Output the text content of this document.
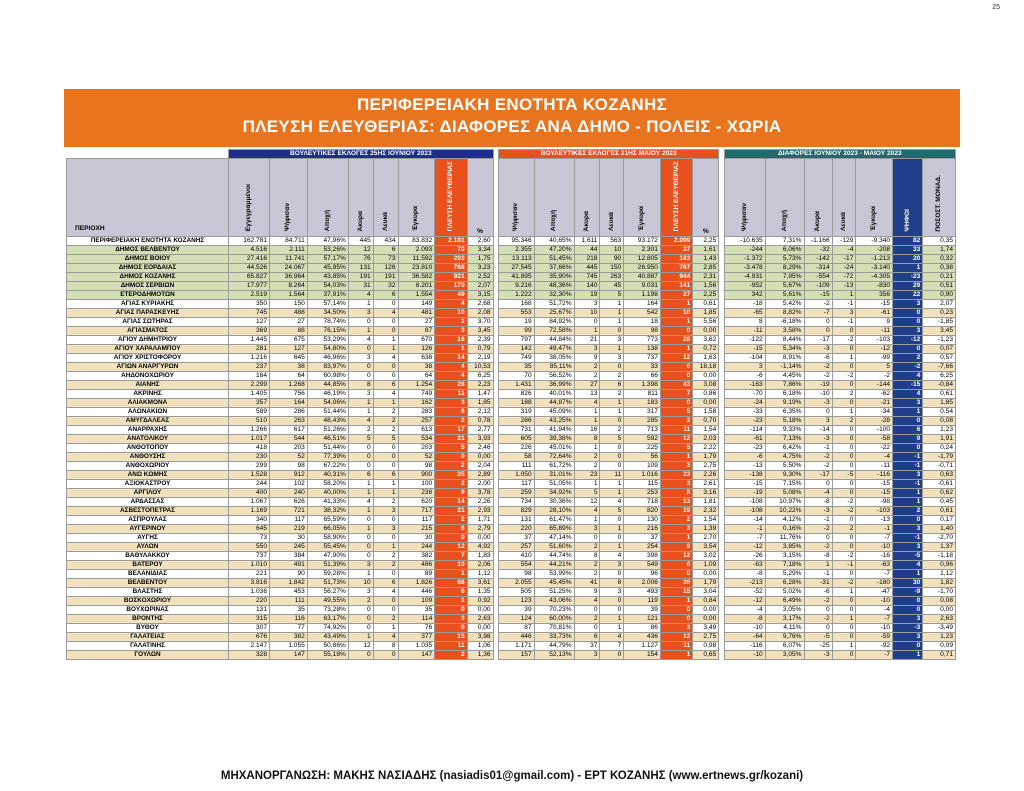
25
ΠΕΡΙΦΕΡΕΙΑΚΗ ΕΝΟΤΗΤΑ ΚΟΖΑΝΗΣ
ΠΛΕΥΣΗ ΕΛΕΥΘΕΡΙΑΣ: ΔΙΑΦΟΡΕΣ ΑΝΑ ΔΗΜΟ - ΠΟΛΕΙΣ - ΧΩΡΙΑ
	ΒΟΥΛΕΥΤΙΚΕΣ ΕΚΛΟΓΕΣ 25ΗΣ ΙΟΥΝΙΟΥ 2023									ΒΟΥΛΕΥΤΙΚΕΣ ΕΚΛΟΓΕΣ 21ΗΣ ΜΑΪΟΥ 2023								ΔΙΑΦΟΡΕΣ ΙΟΥΝΙΟΥ 2023 - ΜΑΪΟΥ 2023						
ΠΕΡΙΟΧΗ	Εγγεγραμμένοι	Ψήφισαν	Αποχή	Άκυρα	Λευκά	Έγκυρα	ΠΛΕΥΣΗ ΕΛΕΥΘΕΡΙΑΣ	%		Ψήφισαν	Αποχή	Άκυρα	Λευκά	Έγκυρα	ΠΛΕΥΣΗ ΕΛΕΥΘΕΡΙΑΣ	%		Ψήφισαν	Αποχή	Άκυρα	Λευκά	Έγκυρα	ΨΗΦΟΙ	ΠΟΣΟΣΤ. ΜΟΝΑΔ.
ΠΕΡΙΦΕΡΕΙΑΚΗ ΕΝΟΤΗΤΑ ΚΟΖΑΝΗΣ	162.781	84.711	47,96%	445	434	83.832	2.181	2,60		95.346	40,65%	1.611	563	93.172	2.099	2,25		-10.635	7,31%	-1.166	-129	-9.340	82	0,35
ΔΗΜΟΣ ΒΕΛΒΕΝΤΟΥ	4.516	2.111	53,26%	12	6	2.093	70	3,34		2.355	47,20%	44	10	2.301	37	1,61		-244	6,06%	-32	-4	-208	33	1,74
ΔΗΜΟΣ ΒΟΪΟΥ	27.416	11.741	57,17%	76	73	11.592	203	1,75		13.113	51,45%	218	90	12.805	183	1,43		-1.372	5,73%	-142	-17	-1.213	20	0,32
ΔΗΜΟΣ ΕΟΡΔΑΙΑΣ	44.526	24.067	45,95%	131	126	23.810	768	3,23		27.545	37,66%	445	150	26.950	767	2,85		-3.478	8,29%	-314	-24	-3.140	1	0,38
ΔΗΜΟΣ ΚΟΖΑΝΗΣ	65.827	36.964	43,85%	191	191	36.582	921	2,52		41.895	35,90%	745	263	40.887	944	2,31		-4.931	7,95%	-554	-72	-4.305	-23	0,21
ΔΗΜΟΣ ΣΕΡΒΙΩΝ	17.977	8.264	54,03%	31	32	8.201	170	2,07		9.216	48,36%	140	45	9.031	141	1,56		-952	5,67%	-109	-13	-830	29	0,51
ΕΤΕΡΟΔΗΜΟΤΩΝ	2.519	1.564	37,91%	4	6	1.554	49	3,15		1.222	32,30%	19	5	1.198	27	2,25		342	5,61%	-15	1	356	22	0,90
ΑΓΙΑΣ ΚΥΡΙΑΚΗΣ	350	150	57,14%	1	0	149	4	2,68		168	51,72%	3	1	164	1	0,61		-18	5,42%	-2	-1	-15	3	2,07
ΑΓΙΑΣ ΠΑΡΑΣΚΕΥΗΣ	745	488	34,50%	3	4	481	10	2,08		553	25,67%	10	1	542	10	1,85		-65	8,82%	-7	3	-61	0	0,23
ΑΓΙΑΣ ΣΩΤΗΡΑΣ	127	27	78,74%	0	0	27	1	3,70		19	84,92%	0	1	18	1	5,56		8	-6,18%	0	-1	9	0	-1,85
ΑΓΙΑΣΜΑΤΟΣ	369	88	76,15%	1	0	87	3	3,45		99	72,58%	1	0	98	0	0,00		-11	3,58%	0	0	-11	3	3,45
ΑΓΙΟΥ ΔΗΜΗΤΡΙΟΥ	1.445	675	53,29%	4	1	670	16	2,39		797	44,84%	21	3	773	28	3,62		-122	8,44%	-17	-2	-103	-12	-1,23
ΑΓΙΟΥ ΧΑΡΑΛΑΜΠΟΥ	281	127	54,80%	0	1	126	1	0,79		142	49,47%	3	1	138	1	0,72		-15	5,34%	-3	0	-12	0	0,07
ΑΓΙΟΥ ΧΡΙΣΤΟΦΟΡΟΥ	1.216	645	46,96%	3	4	638	14	2,19		749	38,05%	9	3	737	12	1,63		-104	8,91%	-6	1	-99	2	0,57
ΑΓΙΩΝ ΑΝΑΡΓΥΡΩΝ	237	38	83,97%	0	0	38	4	10,53		35	85,11%	2	0	33	6	18,18		3	-1,14%	-2	0	5	-2	-7,66
ΑΗΔΟΝΟΧΩΡΙΟΥ	164	64	60,98%	0	0	64	4	6,25		70	56,52%	2	2	66	0	0,00		-6	4,45%	-2	-2	-2	4	6,25
ΑΙΑΝΗΣ	2.299	1.268	44,85%	8	6	1.254	28	2,23		1.431	36,99%	27	6	1.398	43	3,08		-163	7,86%	-19	0	-144	-15	-0,84
ΑΚΡΙΝΗΣ	1.405	756	46,19%	3	4	749	11	1,47		826	40,01%	13	2	811	7	0,86		-70	6,18%	-10	2	-62	4	0,61
ΑΛΙΑΚΜΟΝΑ	357	164	54,06%	1	1	162	3	1,85		188	44,87%	4	1	183	0	0,00		-24	9,19%	-3	0	-21	3	1,85
ΑΛΩΝΑΚΙΩΝ	589	286	51,44%	1	2	283	6	2,12		319	45,09%	1	1	317	5	1,58		-33	6,35%	0	1	-34	1	0,54
ΑΜΥΓΔΑΛΕΑΣ	510	263	48,43%	4	2	257	2	0,78		286	43,25%	1	0	285	2	0,70		-23	5,18%	3	2	-28	0	0,08
ΑΝΑΡΡΑΧΗΣ	1.266	617	51,26%	2	2	613	17	2,77		731	41,94%	16	2	713	11	1,54		-114	9,33%	-14	0	-100	6	1,23
ΑΝΑΤΟΛΙΚΟΥ	1.017	544	46,51%	5	5	534	21	3,93		605	39,38%	8	5	592	12	2,03		-61	7,13%	-3	0	-58	9	1,91
ΑΝΘΟΤΟΠΟΥ	418	203	51,44%	0	0	203	5	2,46		226	45,01%	1	0	225	5	2,22		-23	6,42%	-1	0	-22	0	0,24
ΑΝΘΟΥΣΗΣ	230	52	77,39%	0	0	52	0	0,00		58	72,64%	2	0	56	1	1,79		-6	4,75%	-2	0	-4	-1	-1,79
ΑΝΘΟΧΩΡΙΟΥ	299	98	67,22%	0	0	98	2	2,04		111	61,72%	2	0	109	3	2,75		-13	5,50%	-2	0	-11	-1	-0,71
ΑΝΩ ΚΩΜΗΣ	1.528	912	40,31%	6	6	900	25	2,89		1.050	31,01%	23	11	1.016	23	2,26		-138	9,30%	-17	-5	-116	3	0,63
ΑΞΙΟΚΑΣΤΡΟΥ	244	102	58,20%	1	1	100	2	2,00		117	51,05%	1	1	115	3	2,61		-15	7,15%	0	0	-15	-1	-0,61
ΑΡΓΙΛΟΥ	400	240	40,00%	1	1	238	9	3,78		259	34,92%	5	1	253	8	3,16		-19	5,08%	-4	0	-15	1	0,62
ΑΡΔΑΣΣΑΣ	1.067	626	41,33%	4	2	620	14	2,26		734	30,36%	12	4	718	13	1,81		-108	10,97%	-8	-2	-98	1	0,45
ΑΣΒΕΣΤΟΠΕΤΡΑΣ	1.169	721	38,32%	1	3	717	21	2,93		829	28,10%	4	5	820	19	2,32		-108	10,22%	-3	-2	-103	2	0,61
ΑΣΠΡΟΥΛΑΣ	340	117	65,59%	0	0	117	2	1,71		131	61,47%	1	0	130	2	1,54		-14	4,12%	-1	0	-13	0	0,17
ΑΥΓΕΡΙΝΟΥ	645	219	66,05%	1	3	215	6	2,79		220	65,89%	3	1	216	3	1,39		-1	0,16%	-2	2	-1	3	1,40
ΑΥΓΗΣ	73	30	58,90%	0	0	30	0	0,00		37	47,14%	0	0	37	1	2,70		-7	11,76%	0	0	-7	-1	-2,70
ΑΥΛΩΝ	550	245	55,45%	0	1	244	12	4,92		257	51,60%	2	1	254	9	3,54		-12	3,85%	-2	0	-10	3	1,37
ΒΑΘΥΛΑΚΚΟΥ	737	384	47,90%	0	2	382	7	1,83		410	44,74%	8	4	398	12	3,02		-26	3,15%	-8	-2	-16	-5	-1,18
ΒΑΤΕΡΟΥ	1.010	491	51,39%	3	2	486	10	2,06		554	44,21%	2	3	549	6	1,09		-63	7,18%	1	-1	-63	4	0,96
ΒΕΛΑΝΙΔΙΑΣ	221	90	59,28%	1	0	89	1	1,12		98	53,99%	2	0	96	0	0,00		-8	5,29%	-1	0	-7	1	1,12
ΒΕΛΒΕΝΤΟΥ	3.816	1.842	51,73%	10	6	1.826	66	3,61		2.055	45,45%	41	8	2.006	36	1,79		-213	6,28%	-31	-2	-180	30	1,82
ΒΛΑΣΤΗΣ	1.036	453	56,27%	3	4	446	6	1,35		505	51,25%	9	3	493	15	3,04		-52	5,02%	-6	1	-47	-9	-1,70
ΒΟΣΚΟΧΩΡΙΟΥ	220	111	49,55%	2	0	109	1	0,92		123	43,06%	4	0	119	1	0,84		-12	6,49%	-2	0	-10	0	0,08
ΒΟΥΧΩΡΙΝΑΣ	131	35	73,28%	0	0	35	0	0,00		39	70,23%	0	0	39	0	0,00		-4	3,05%	0	0	-4	0	0,00
ΒΡΟΝΤΗΣ	315	116	63,17%	0	2	114	3	2,63		124	60,00%	2	1	121	0	0,00		-8	3,17%	-2	1	-7	3	2,63
ΒΥΘΟΥ	307	77	74,92%	0	1	76	0	0,00		87	70,81%	0	1	86	3	3,49		-10	4,11%	0	0	-10	-3	-3,49
ΓΑΛΑΤΕΙΑΣ	676	382	43,49%	1	4	377	15	3,98		446	33,73%	6	4	436	12	2,75		-64	9,76%	-5	0	-59	3	1,23
ΓΑΛΑΤΙΝΗΣ	2.147	1.055	50,86%	12	8	1.035	11	1,06		1.171	44,79%	37	7	1.127	11	0,98		-116	6,07%	-25	1	-92	0	0,09
ΓΟΥΛΩΝ	328	147	55,18%	0	0	147	2	1,36		157	52,13%	3	0	154	1	0,65		-10	3,05%	-3	0	-7	1	0,71
ΜΗΧΑΝΟΡΓΑΝΩΣΗ: ΜΑΚΗΣ ΝΑΣΙΑΔΗΣ (nasiadis01@gmail.com) - ΕΡΤ ΚΟΖΑΝΗΣ (www.ertnews.gr/kozani)
